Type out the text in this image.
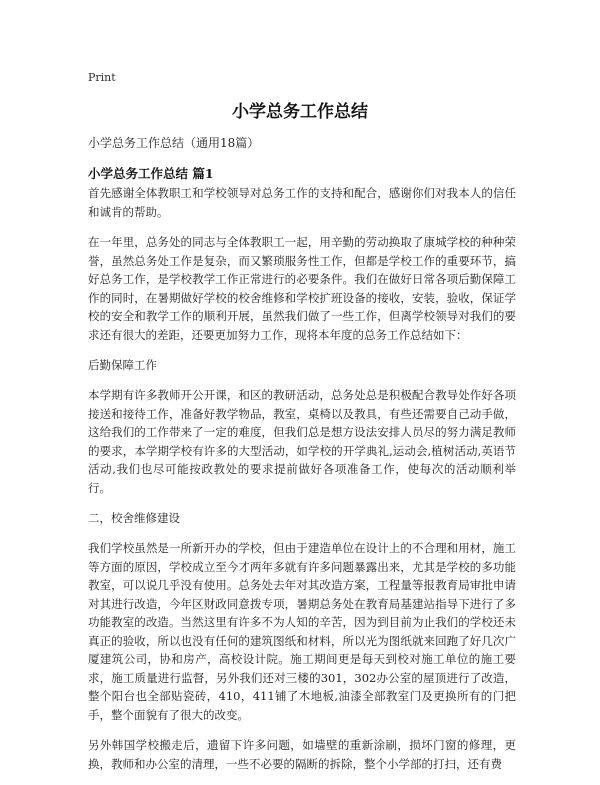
Print
小学总务工作总结
小学总务工作总结（通用18篇）
小学总务工作总结 篇1

首先感谢全体教职工和学校领导对总务工作的支持和配合，感谢你们对我本人的信任和诚肯的帮助。

在一年里，总务处的同志与全体教职工一起，用辛勤的劳动换取了康城学校的种种荣誉，虽然总务处工作是复杂，而又繁琐服务性工作，但都是学校工作的重要环节，搞好总务工作，是学校教学工作正常进行的必要条件。我们在做好日常各项后勤保障工作的同时，在暑期做好学校的校舍维修和学校扩班设备的接收，安装，验收，保证学校的安全和教学工作的顺利开展，虽然我们做了一些工作，但离学校领导对我们的要求还有很大的差距，还要更加努力工作，现将本年度的总务工作总结如下：

后勤保障工作

本学期有许多教师开公开课，和区的教研活动，总务处总是积极配合教导处作好各项接送和接待工作，准备好教学物品，教室，桌椅以及教具，有些还需要自己动手做，这给我们的工作带来了一定的难度，但我们总是想方设法安排人员尽的努力满足教师的要求，本学期学校有许多的大型活动，如学校的开学典礼,运动会,植树活动,英语节活动,我们也尽可能按政教处的要求提前做好各项准备工作，使每次的活动顺利举行。

二，校舍维修建设

我们学校虽然是一所新开办的学校，但由于建造单位在设计上的不合理和用材，施工等方面的原因，学校成立至今才两年多就有许多问题暴露出来，尤其是学校的多功能教室，可以说几乎没有使用。总务处去年对其改造方案，工程量等报教育局审批申请对其进行改造，今年区财政同意拨专项，暑期总务处在教育局基建站指导下进行了多功能教室的改造。当然这里有许多不为人知的辛苦，因为到目前为止我们的学校还未真正的验收，所以也没有任何的建筑图纸和材料，所以光为图纸就来回跑了好几次广厦建筑公司，协和房产，高校设计院。施工期间更是每天到校对施工单位的施工要求，施工质量进行监督，另外我们还对三楼的301，302办公室的屋顶进行了改造，整个阳台也全部贴瓷砖，410，411铺了木地板,油漆全部教室门及更换所有的门把手，整个面貌有了很大的改变。

另外韩国学校搬走后，遗留下许多问题，如墙壁的重新涂刷，损坏门窗的修理，更换，教师和办公室的清理，一些不必要的隔断的拆除，整个小学部的打扫，还有费
